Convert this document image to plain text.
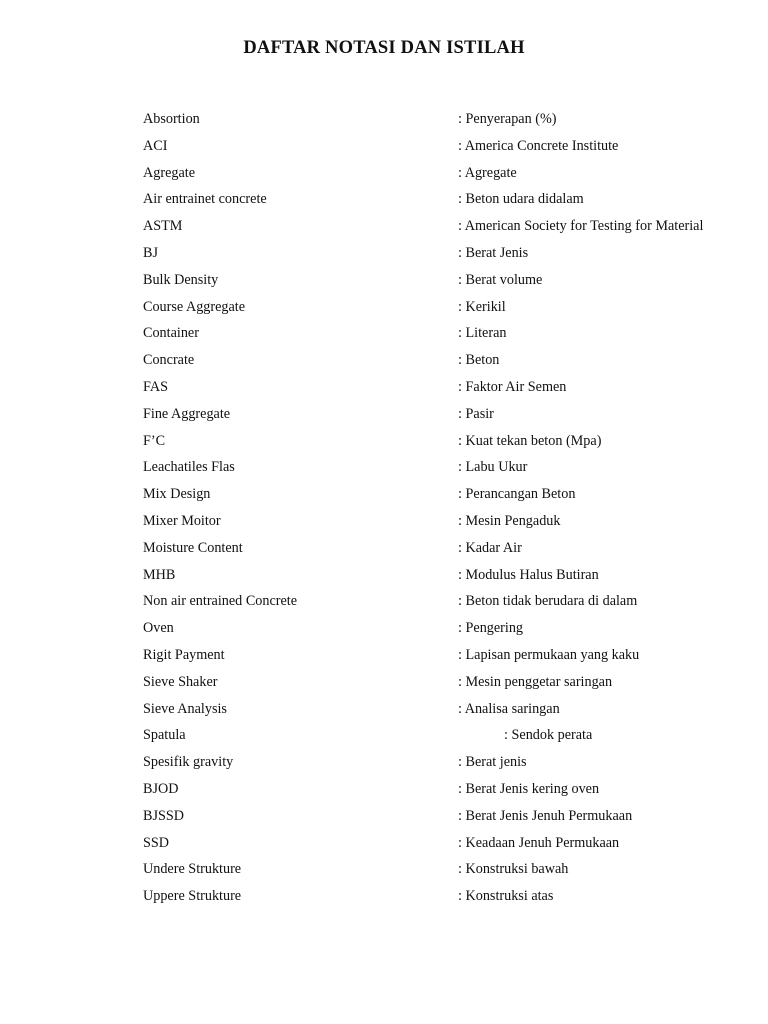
DAFTAR NOTASI DAN ISTILAH
Absortion	: Penyerapan (%)
ACI	: America Concrete Institute
Agregate	: Agregate
Air entrainet concrete	: Beton udara didalam
ASTM	: American Society for Testing for Material
BJ	: Berat Jenis
Bulk Density	: Berat volume
Course Aggregate	: Kerikil
Container	: Literan
Concrate	: Beton
FAS	: Faktor Air Semen
Fine Aggregate	: Pasir
F’C	: Kuat tekan beton (Mpa)
Leachatiles Flas	: Labu Ukur
Mix Design	: Perancangan Beton
Mixer Moitor	: Mesin Pengaduk
Moisture Content	: Kadar Air
MHB	: Modulus Halus Butiran
Non air entrained Concrete	: Beton tidak berudara di dalam
Oven	: Pengering
Rigit Payment	: Lapisan permukaan yang kaku
Sieve Shaker	: Mesin penggetar saringan
Sieve Analysis	: Analisa saringan
Spatula	: Sendok perata
Spesifik gravity	: Berat jenis
BJOD	: Berat Jenis kering oven
BJSSD	: Berat Jenis Jenuh Permukaan
SSD	: Keadaan Jenuh Permukaan
Undere Strukture	: Konstruksi bawah
Uppere Strukture	: Konstruksi atas
